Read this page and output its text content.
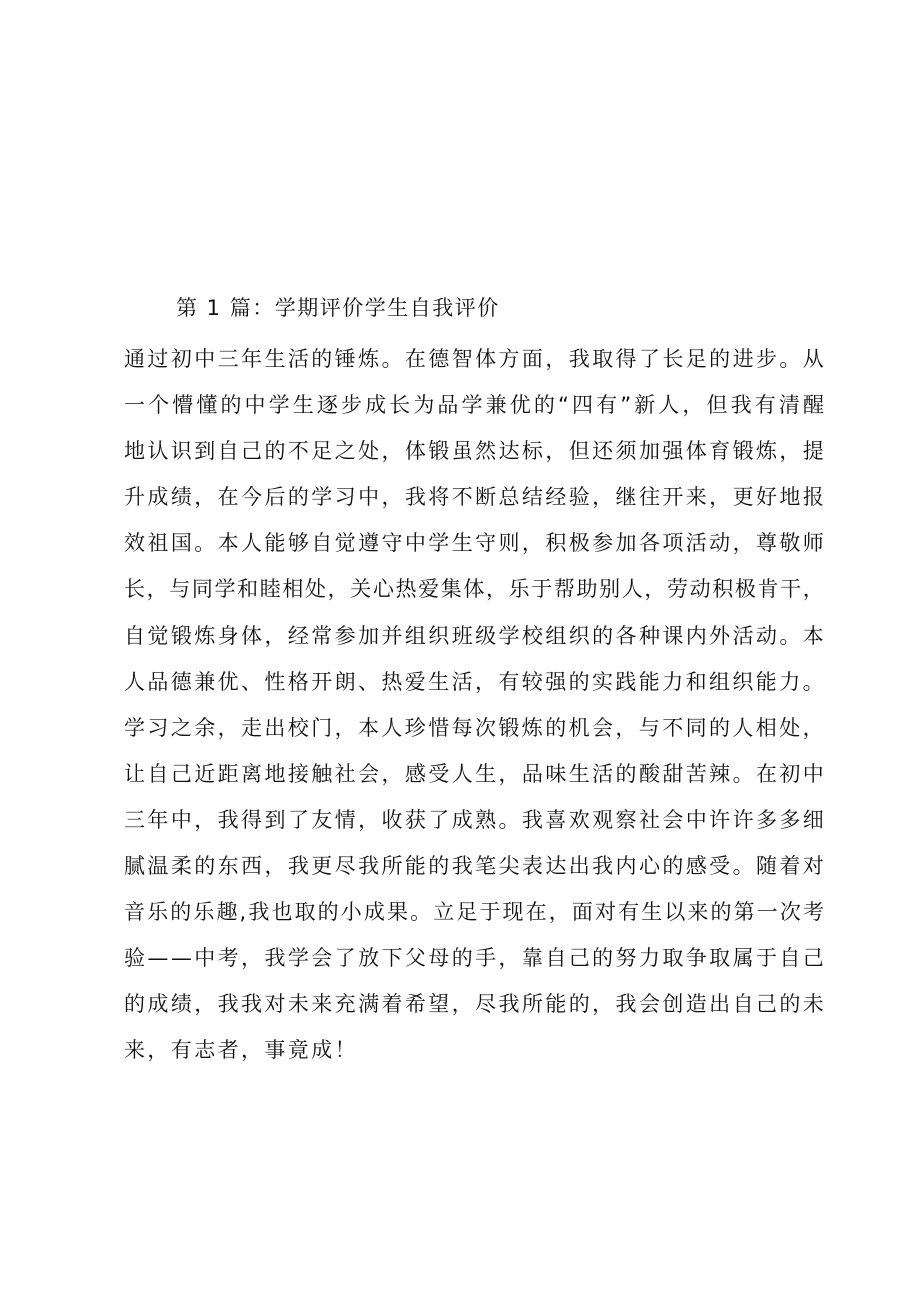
第 1 篇：学期评价学生自我评价
通 过 初 中 三 年 生 活 的 锤 炼 。 在 德 智 体 方 面 ， 我 取 得 了 长 足 的 进 步 。 从
一 个 懵 懂 的 中 学 生 逐 步 成 长 为 品 学 兼 优 的 “ 四 有 ” 新 人 ， 但 我 有 清 醒
地 认 识 到 自 己 的 不 足 之 处 ， 体 锻 虽 然 达 标 ， 但 还 须 加 强 体 育 锻 炼 ， 提
升 成 绩 ， 在 今 后 的 学 习 中 ， 我 将 不 断 总 结 经 验 ， 继 往 开 来 ， 更 好 地 报
效 祖 国 。 本 人 能 够 自 觉 遵 守 中 学 生 守 则 ， 积 极 参 加 各 项 活 动 ， 尊 敬 师
长 ， 与 同 学 和 睦 相 处 ， 关 心 热 爱 集 体 ， 乐 于 帮 助 别 人 ， 劳 动 积 极 肯 干 ，
自 觉 锻 炼 身 体 ， 经 常 参 加 并 组 织 班 级 学 校 组 织 的 各 种 课 内 外 活 动 。 本
人品德兼优、性格开朗、热爱生活，有较强的实践能力和组织能力。
学习之余，走出校门，本人珍惜每次锻炼的机会，与不同的人相处，
让 自 己 近 距 离 地 接 触 社 会 ， 感 受 人 生 ， 品 味 生 活 的 酸 甜 苦 辣 。 在 初 中
三 年 中 ， 我 得 到 了 友 情 ， 收 获 了 成 熟 。 我 喜 欢 观 察 社 会 中 许 许 多 多 细
腻 温 柔 的 东 西 ， 我 更 尽 我 所 能 的 我 笔 尖 表 达 出 我 内 心 的 感 受 。 随 着 对
音 乐 的 乐 趣 , 我 也 取 的 小 成 果 。 立 足 于 现 在 ， 面 对 有 生 以 来 的 第 一 次 考
验 — — 中 考 ， 我 学 会 了 放 下 父 母 的 手 ， 靠 自 己 的 努 力 取 争 取 属 于 自 己
的 成 绩 ， 我 我 对 未 来 充 满 着 希 望 ， 尽 我 所 能 的 ， 我 会 创 造 出 自 己 的 未
来，有志者，事竟成！
